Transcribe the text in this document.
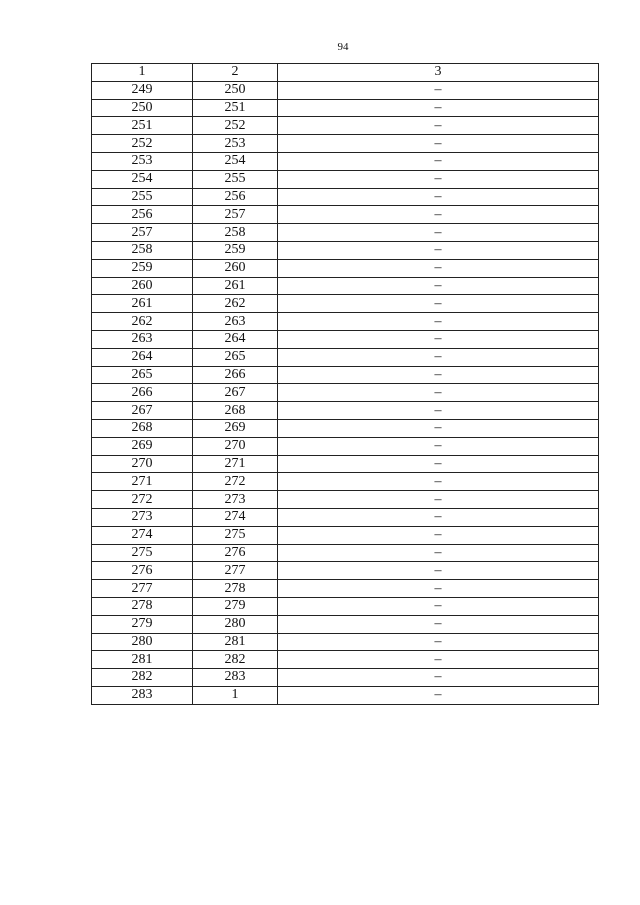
94
1	2	3
249	250	–
250	251	–
251	252	–
252	253	–
253	254	–
254	255	–
255	256	–
256	257	–
257	258	–
258	259	–
259	260	–
260	261	–
261	262	–
262	263	–
263	264	–
264	265	–
265	266	–
266	267	–
267	268	–
268	269	–
269	270	–
270	271	–
271	272	–
272	273	–
273	274	–
274	275	–
275	276	–
276	277	–
277	278	–
278	279	–
279	280	–
280	281	–
281	282	–
282	283	–
283	1	–
